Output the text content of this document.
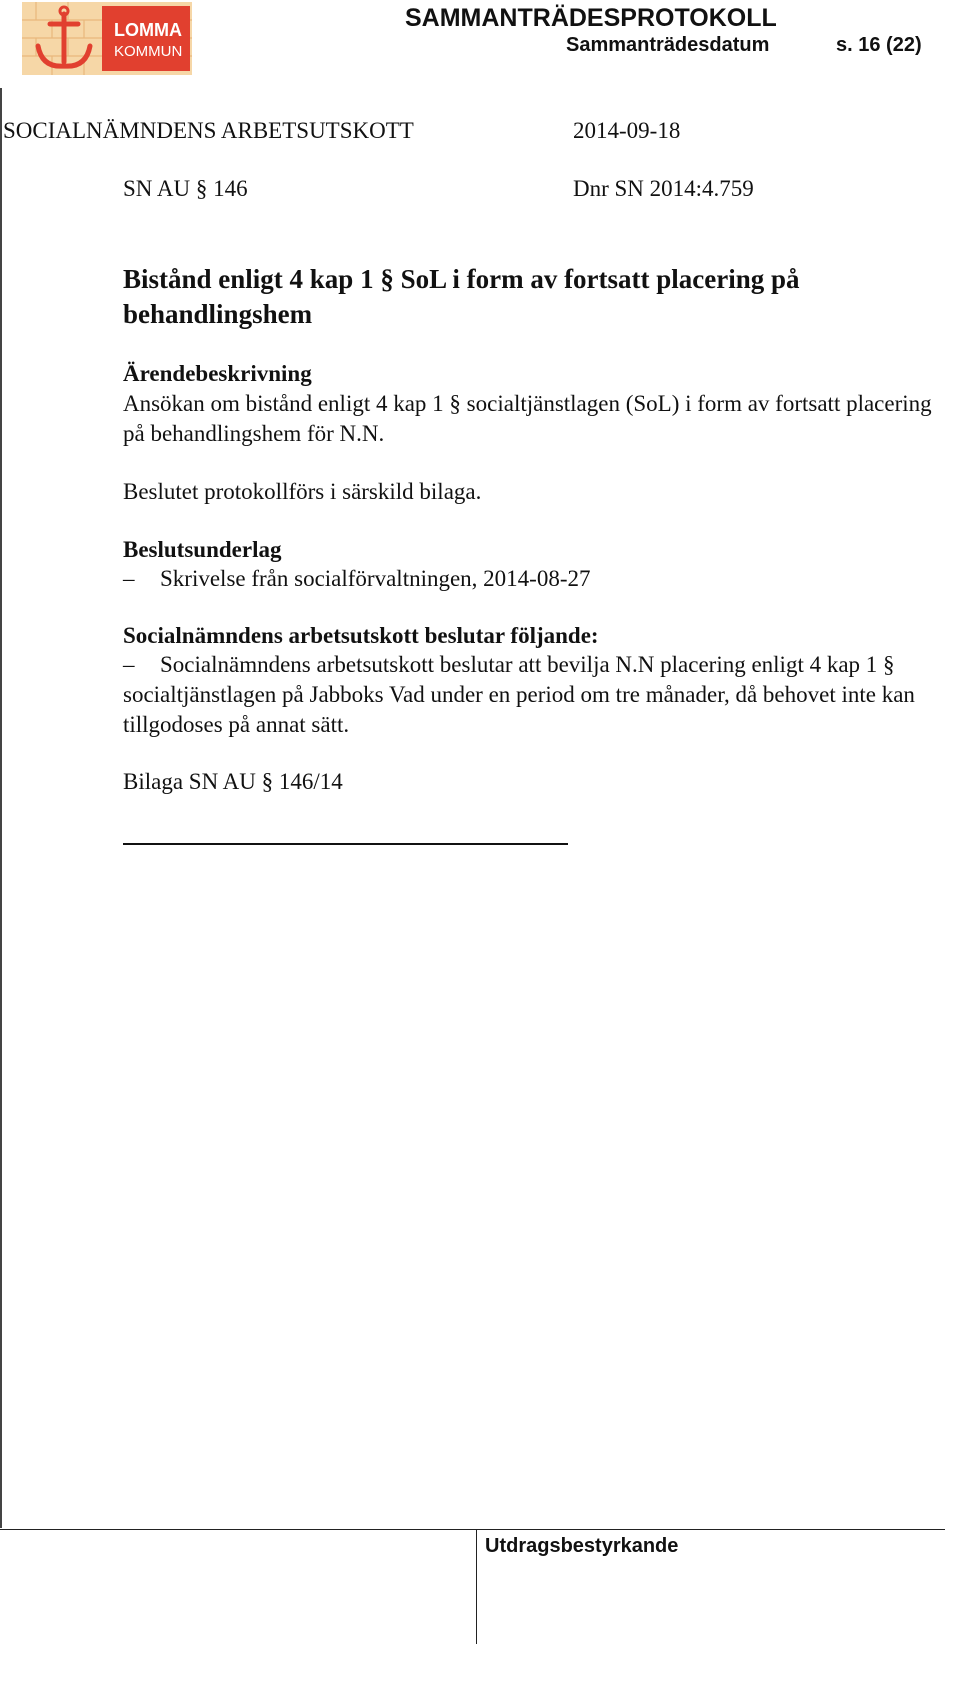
LOMMA
KOMMUN
SAMMANTRÄDESPROTOKOLL
Sammanträdesdatum	s. 16 (22)
SOCIALNÄMNDENS ARBETSUTSKOTT	2014-09-18
SN AU § 146	Dnr SN 2014:4.759
Bistånd enligt 4 kap 1 § SoL i form av fortsatt placering på behandlingshem
Ärendebeskrivning
Ansökan om bistånd enligt 4 kap 1 § socialtjänstlagen (SoL) i form av fortsatt placering på behandlingshem för N.N.
Beslutet protokollförs i särskild bilaga.
Beslutsunderlag
– Skrivelse från socialförvaltningen, 2014-08-27
Socialnämndens arbetsutskott beslutar följande:
– Socialnämndens arbetsutskott beslutar att bevilja N.N placering enligt 4 kap 1 § socialtjänstlagen på Jabboks Vad under en period om tre månader, då behovet inte kan tillgodoses på annat sätt.
Bilaga SN AU § 146/14
Utdragsbestyrkande
